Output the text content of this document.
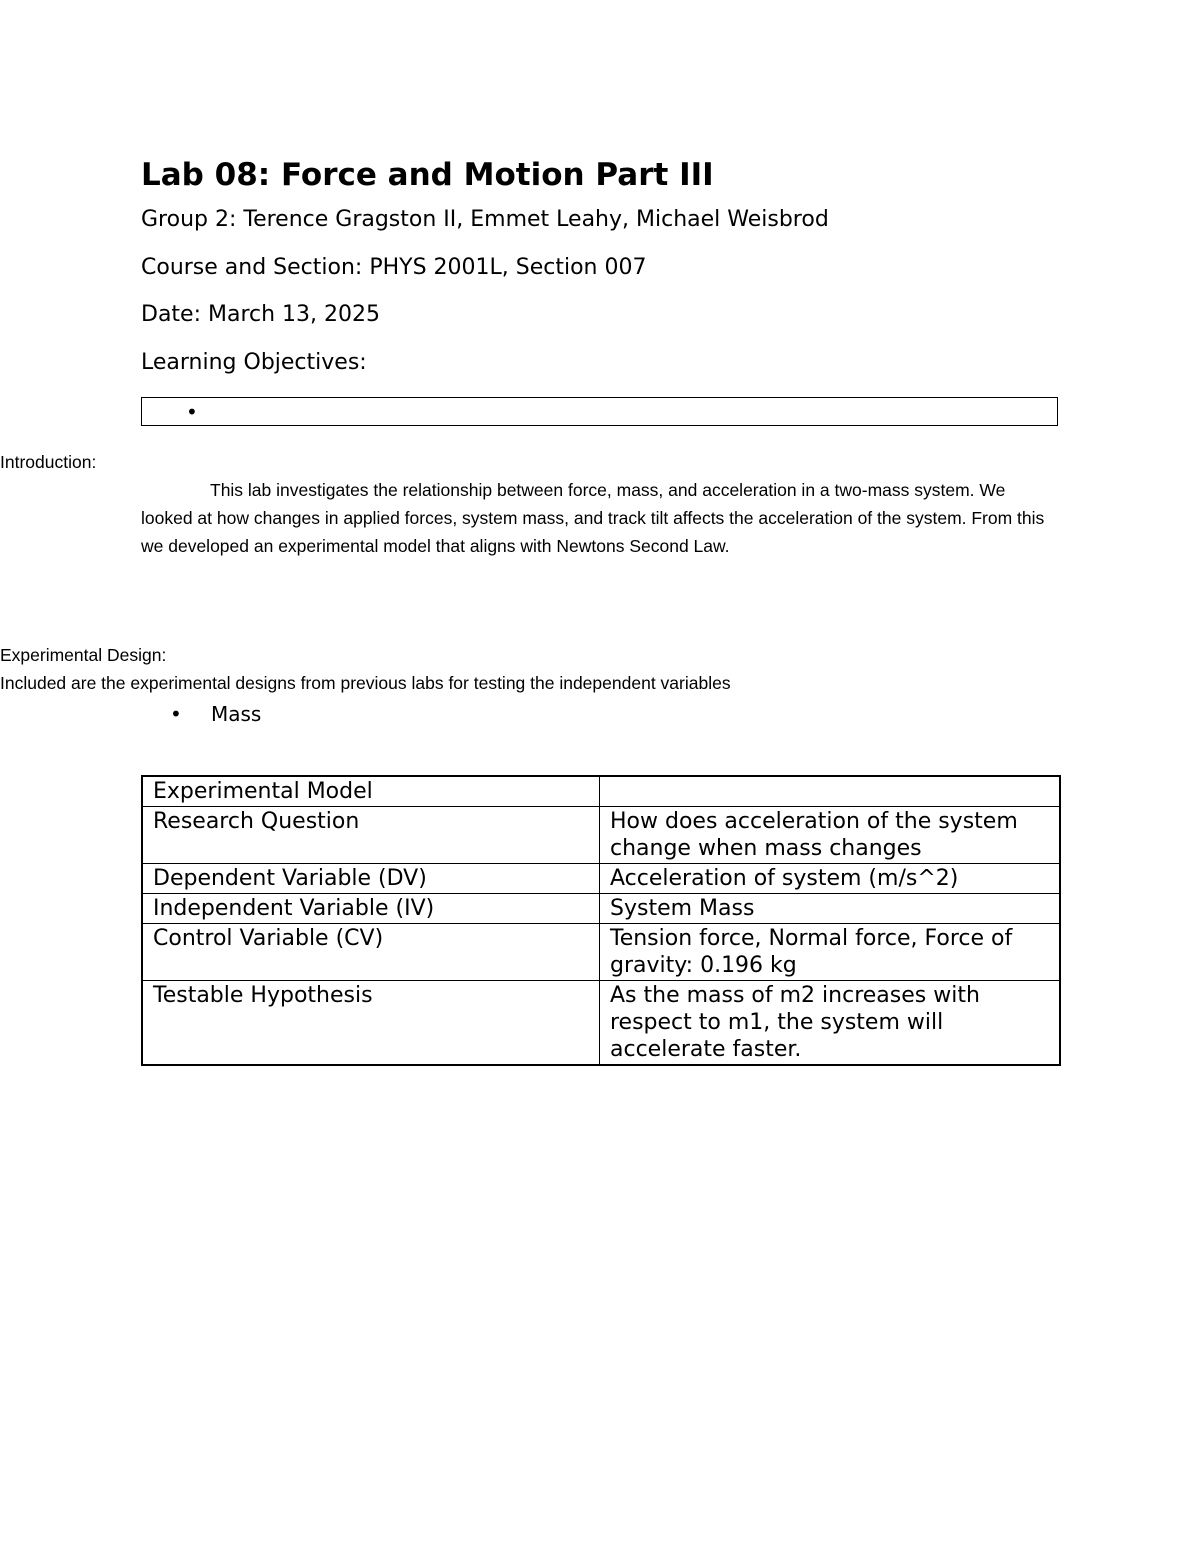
Lab 08: Force and Motion Part III

Group 2: Terence Gragston II, Emmet Leahy, Michael Weisbrod

Course and Section: PHYS 2001L, Section 007

Date: March 13, 2025

Learning Objectives:

•

Introduction:

This lab investigates the relationship between force, mass, and acceleration in a two-mass system. We looked at how changes in applied forces, system mass, and track tilt affects the acceleration of the system. From this we developed an experimental model that aligns with Newtons Second Law.

Experimental Design:

Included are the experimental designs from previous labs for testing the independent variables

• Mass
Experimental Model	
Research Question	How does acceleration of the system change when mass changes
Dependent Variable (DV)	Acceleration of system (m/s^2)
Independent Variable (IV)	System Mass
Control Variable (CV)	Tension force, Normal force, Force of gravity: 0.196 kg
Testable Hypothesis	As the mass of m2 increases with respect to m1, the system will accelerate faster.
